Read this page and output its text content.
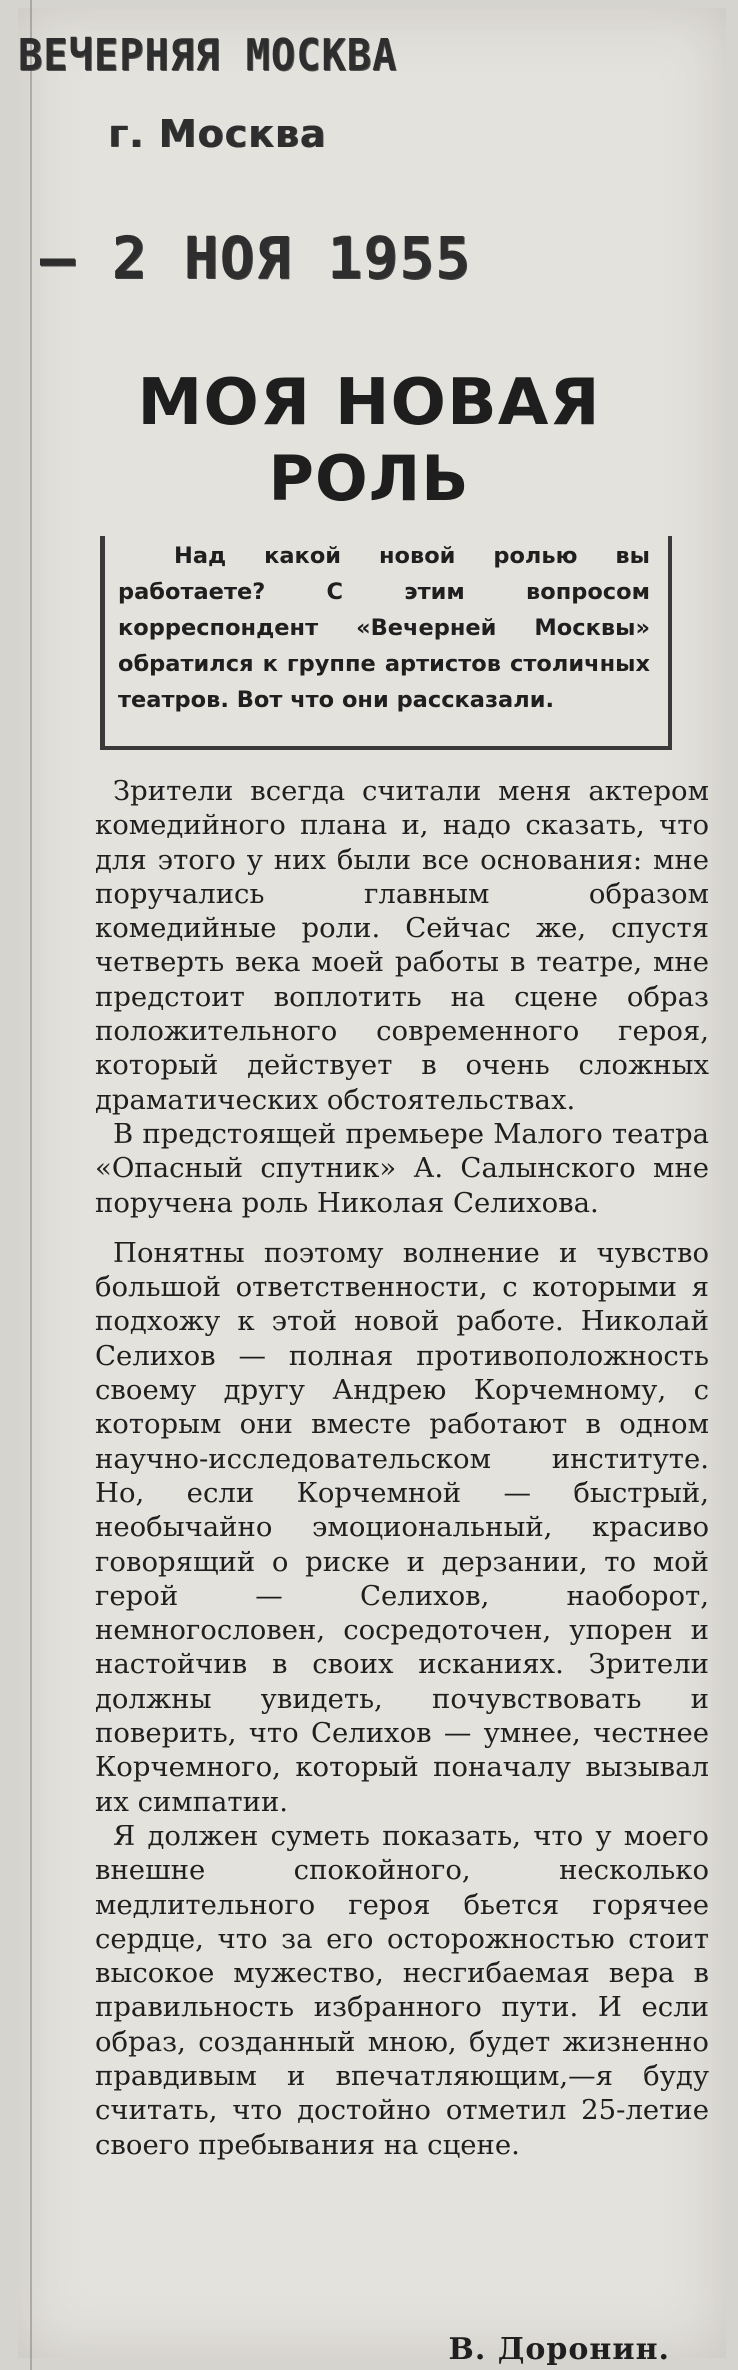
ВЕЧЕРНЯЯ МОСКВА
г. Москва
— 2 НОЯ 1955
МОЯ НОВАЯ
РОЛЬ
Над какой новой ролью вы работаете? С этим вопросом корреспондент «Вечерней Москвы» обратился к группе артистов столичных театров. Вот что они рассказали.

Зрители всегда считали меня актером комедийного плана и, надо сказать, что для этого у них были все основания: мне поручались главным образом комедийные роли. Сейчас же, спустя четверть века моей работы в театре, мне предстоит воплотить на сцене образ положительного современного героя, который действует в очень сложных драматических обстоятельствах.

В предстоящей премьере Малого театра «Опасный спутник» А. Салынского мне поручена роль Николая Селихова.

Понятны поэтому волнение и чувство большой ответственности, с которыми я подхожу к этой новой работе. Николай Селихов — полная противоположность своему другу Андрею Корчемному, с которым они вместе работают в одном научно-исследовательском институте. Но, если Корчемной — быстрый, необычайно эмоциональный, красиво говорящий о риске и дерзании, то мой герой — Селихов, наоборот, немногословен, сосредоточен, упорен и настойчив в своих исканиях. Зрители должны увидеть, почувствовать и поверить, что Селихов — умнее, честнее Корчемного, который поначалу вызывал их симпатии.

Я должен суметь показать, что у моего внешне спокойного, несколько медлительного героя бьется горячее сердце, что за его осторожностью стоит высокое мужество, несгибаемая вера в правильность избранного пути. И если образ, созданный мною, будет жизненно правдивым и впечатляющим,—я буду считать, что достойно отметил 25-летие своего пребывания на сцене.

В. Доронин.
